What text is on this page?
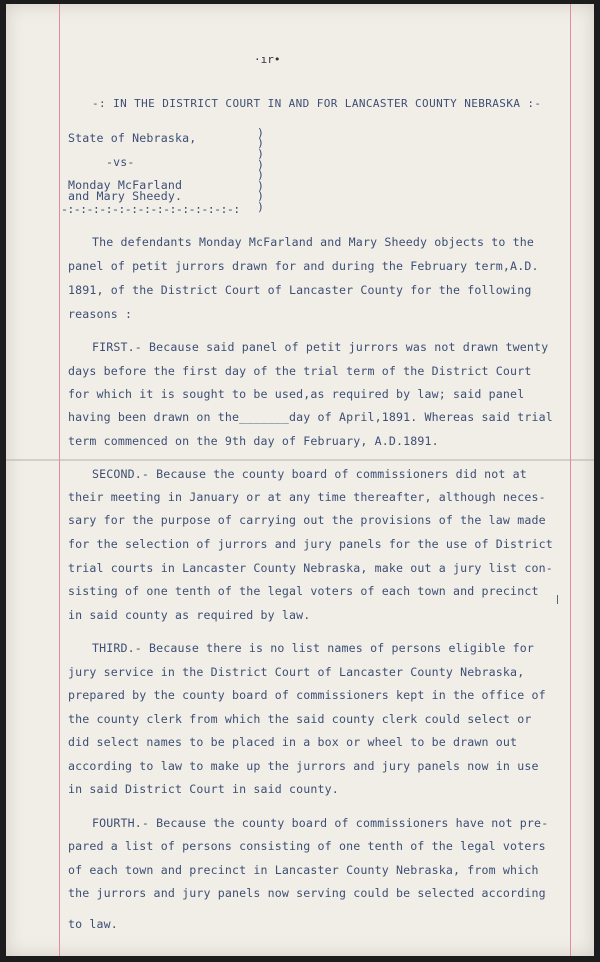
·ır•
-: IN THE DISTRICT COURT IN AND FOR LANCASTER COUNTY NEBRASKA :-
State of Nebraska,
-vs-
Monday McFarland
and Mary Sheedy.
-:-:-:-:-:-:-:-:-:-:-:-:-:-:
)
)
)
)
)
)
)
)
The defendants Monday McFarland and Mary Sheedy objects to the
panel of petit jurrors drawn for and during the February term,A.D.
1891, of the District Court of Lancaster County for the following
reasons :
FIRST.- Because said panel of petit jurrors was not drawn twenty
days before the first day of the trial term of the District Court
for which it is sought to be used,as required by law; said panel
having been drawn on the_______day of April,1891. Whereas said trial
term commenced on the 9th day of February, A.D.1891.
SECOND.- Because the county board of commissioners did not at
their meeting in January or at any time thereafter, although neces-
sary for the purpose of carrying out the provisions of the law made
for the selection of jurrors and jury panels for the use of District
trial courts in Lancaster County Nebraska, make out a jury list con-
sisting of one tenth of the legal voters of each town and precinct
in said county as required by law.
THIRD.- Because there is no list names of persons eligible for
jury service in the District Court of Lancaster County Nebraska,
prepared by the county board of commissioners kept in the office of
the county clerk from which the said county clerk could select or
did select names to be placed in a box or wheel to be drawn out
according to law to make up the jurrors and jury panels now in use
in said District Court in said county.
FOURTH.- Because the county board of commissioners have not pre-
pared a list of persons consisting of one tenth of the legal voters
of each town and precinct in Lancaster County Nebraska, from which
the jurrors and jury panels now serving could be selected according
to law.
